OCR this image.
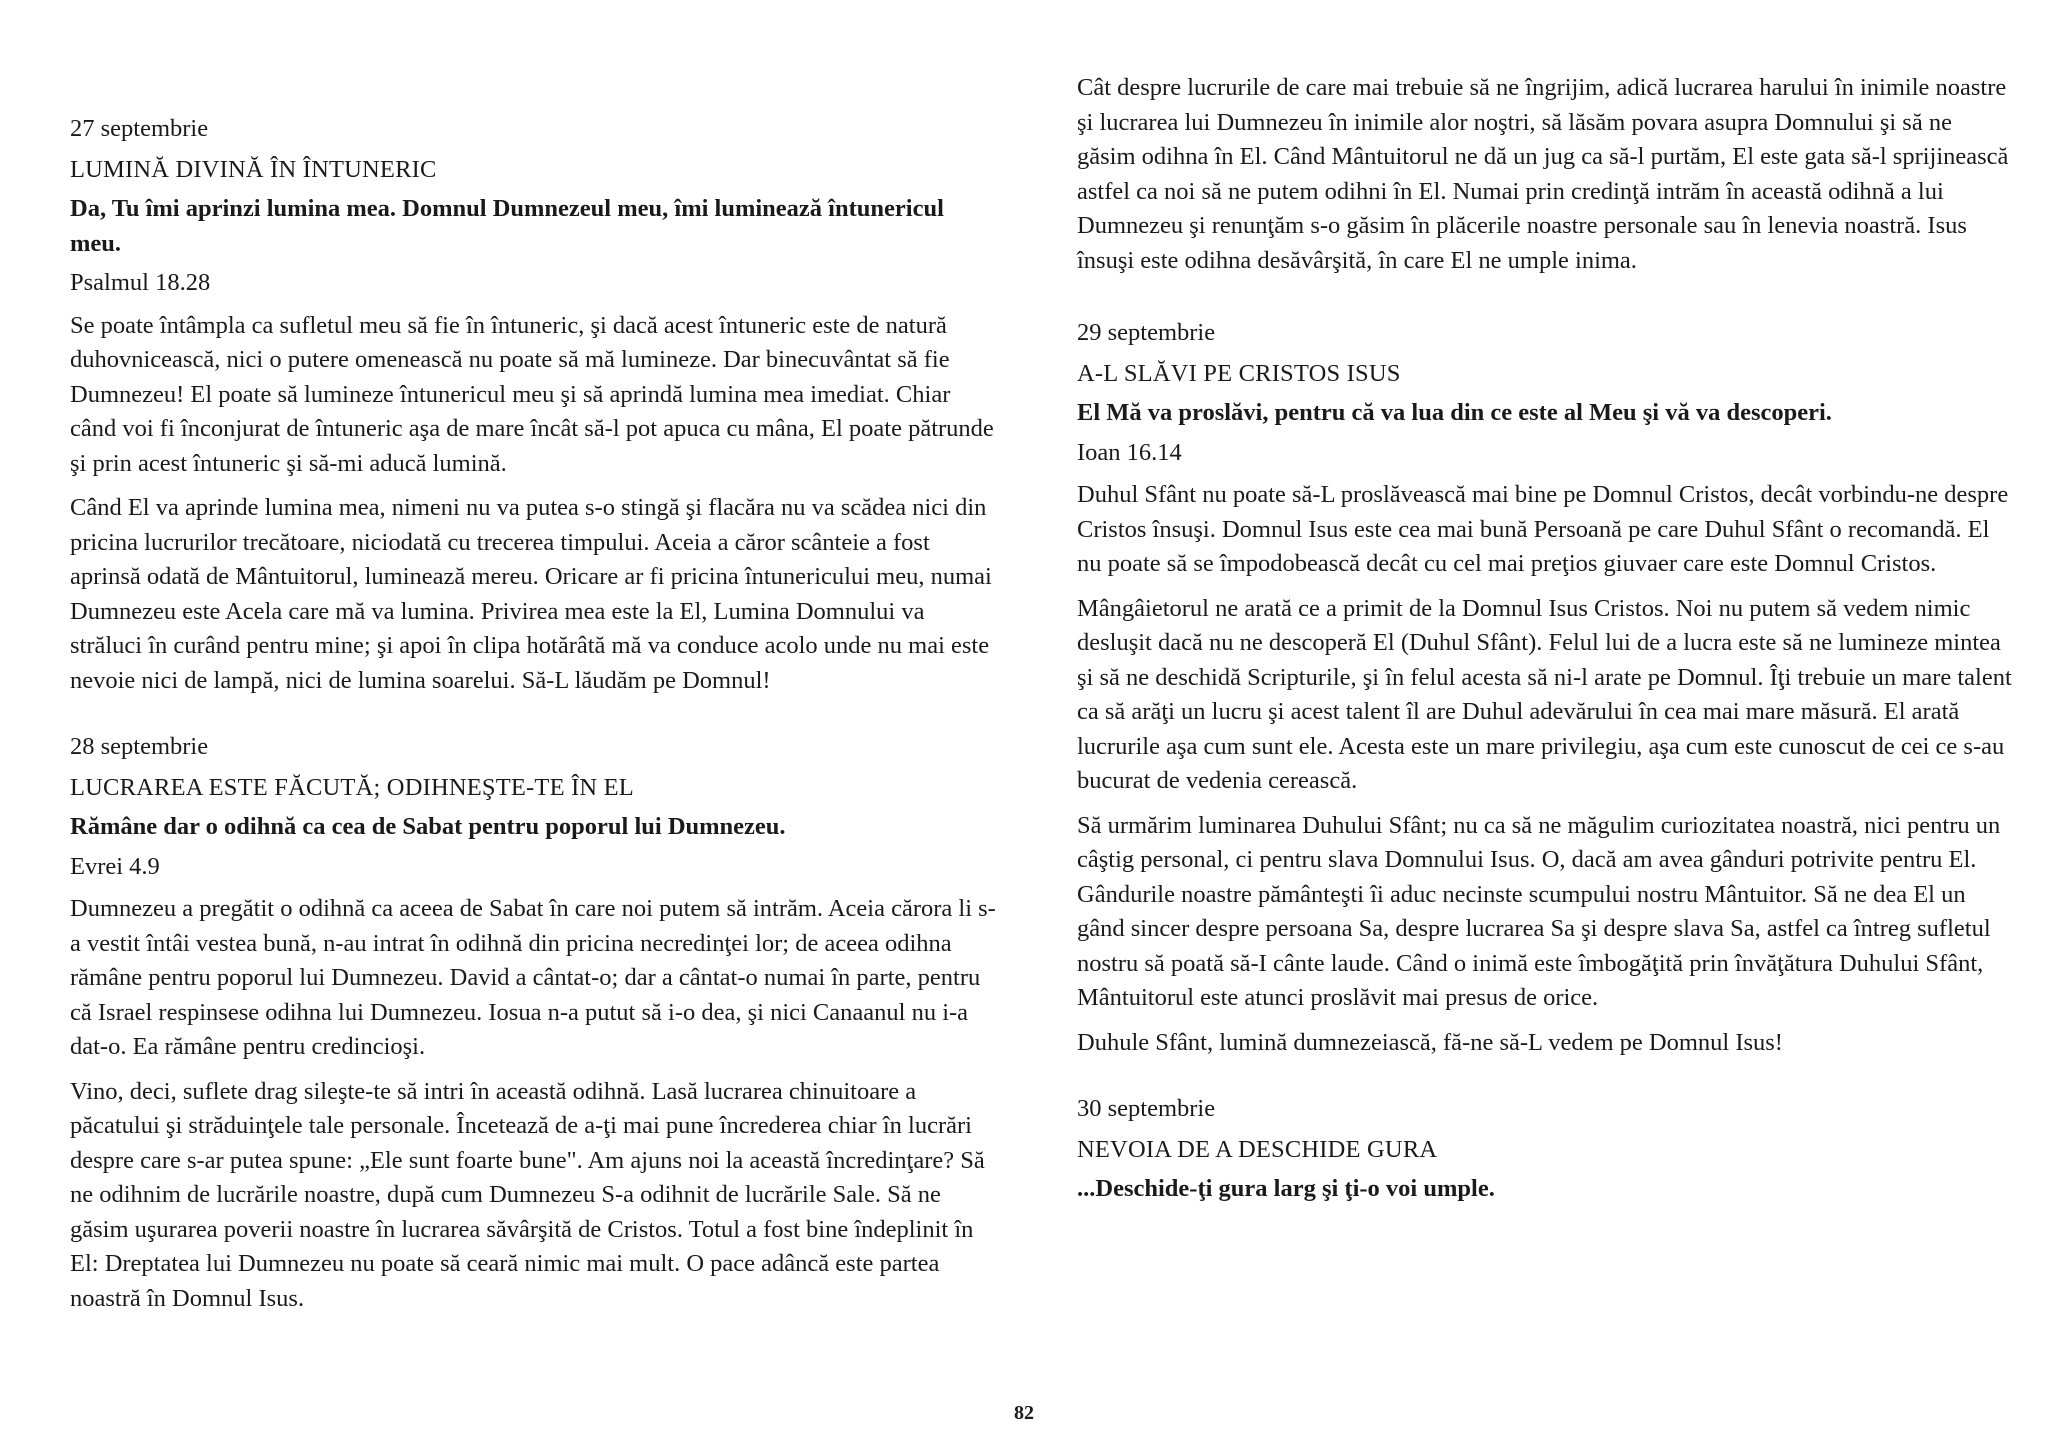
27 septembrie
LUMINĂ DIVINĂ ÎN ÎNTUNERIC
Da, Tu îmi aprinzi lumina mea. Domnul Dumnezeul meu, îmi luminează întunericul meu.
Psalmul 18.28

Se poate întâmpla ca sufletul meu să fie în întuneric, şi dacă acest întuneric este de natură duhovnicească, nici o putere omenească nu poate să mă lumineze. Dar binecuvântat să fie Dumnezeu! El poate să lumineze întunericul meu şi să aprindă lumina mea imediat. Chiar când voi fi înconjurat de întuneric aşa de mare încât să-l pot apuca cu mâna, El poate pătrunde şi prin acest întuneric şi să-mi aducă lumină.

Când El va aprinde lumina mea, nimeni nu va putea s-o stingă şi flacăra nu va scădea nici din pricina lucrurilor trecătoare, niciodată cu trecerea timpului. Aceia a căror scânteie a fost aprinsă odată de Mântuitorul, luminează mereu. Oricare ar fi pricina întunericului meu, numai Dumnezeu este Acela care mă va lumina. Privirea mea este la El, Lumina Domnului va străluci în curând pentru mine; şi apoi în clipa hotărâtă mă va conduce acolo unde nu mai este nevoie nici de lampă, nici de lumina soarelui. Să-L lăudăm pe Domnul!

28 septembrie
LUCRAREA ESTE FĂCUTĂ; ODIHNEŞTE-TE ÎN EL
Rămâne dar o odihnă ca cea de Sabat pentru poporul lui Dumnezeu.
Evrei 4.9

Dumnezeu a pregătit o odihnă ca aceea de Sabat în care noi putem să intrăm. Aceia cărora li s-a vestit întâi vestea bună, n-au intrat în odihnă din pricina necredinţei lor; de aceea odihna rămâne pentru poporul lui Dumnezeu. David a cântat-o; dar a cântat-o numai în parte, pentru că Israel respinsese odihna lui Dumnezeu. Iosua n-a putut să i-o dea, şi nici Canaanul nu i-a dat-o. Ea rămâne pentru credincioşi.

Vino, deci, suflete drag sileşte-te să intri în această odihnă. Lasă lucrarea chinuitoare a păcatului şi străduinţele tale personale. Încetează de a-ţi mai pune încrederea chiar în lucrări despre care s-ar putea spune: „Ele sunt foarte bune". Am ajuns noi la această încredinţare? Să ne odihnim de lucrările noastre, după cum Dumnezeu S-a odihnit de lucrările Sale. Să ne găsim uşurarea poverii noastre în lucrarea săvârşită de Cristos. Totul a fost bine îndeplinit în El: Dreptatea lui Dumnezeu nu poate să ceară nimic mai mult. O pace adâncă este partea noastră în Domnul Isus.

Cât despre lucrurile de care mai trebuie să ne îngrijim, adică lucrarea harului în inimile noastre şi lucrarea lui Dumnezeu în inimile alor noştri, să lăsăm povara asupra Domnului şi să ne găsim odihna în El. Când Mântuitorul ne dă un jug ca să-l purtăm, El este gata să-l sprijinească astfel ca noi să ne putem odihni în El. Numai prin credinţă intrăm în această odihnă a lui Dumnezeu şi renunţăm s-o găsim în plăcerile noastre personale sau în lenevia noastră. Isus însuşi este odihna desăvârşită, în care El ne umple inima.

29 septembrie
A-L SLĂVI PE CRISTOS ISUS
El Mă va proslăvi, pentru că va lua din ce este al Meu şi vă va descoperi.
Ioan 16.14

Duhul Sfânt nu poate să-L proslăvească mai bine pe Domnul Cristos, decât vorbindu-ne despre Cristos însuşi. Domnul Isus este cea mai bună Persoană pe care Duhul Sfânt o recomandă. El nu poate să se împodobească decât cu cel mai preţios giuvaer care este Domnul Cristos.

Mângâietorul ne arată ce a primit de la Domnul Isus Cristos. Noi nu putem să vedem nimic desluşit dacă nu ne descoperă El (Duhul Sfânt). Felul lui de a lucra este să ne lumineze mintea şi să ne deschidă Scripturile, şi în felul acesta să ni-l arate pe Domnul. Îţi trebuie un mare talent ca să arăţi un lucru şi acest talent îl are Duhul adevărului în cea mai mare măsură. El arată lucrurile aşa cum sunt ele. Acesta este un mare privilegiu, aşa cum este cunoscut de cei ce s-au bucurat de vedenia cerească.

Să urmărim luminarea Duhului Sfânt; nu ca să ne măgulim curiozitatea noastră, nici pentru un câştig personal, ci pentru slava Domnului Isus. O, dacă am avea gânduri potrivite pentru El. Gândurile noastre pământeşti îi aduc necinste scumpului nostru Mântuitor. Să ne dea El un gând sincer despre persoana Sa, despre lucrarea Sa şi despre slava Sa, astfel ca întreg sufletul nostru să poată să-I cânte laude. Când o inimă este îmbogăţită prin învăţătura Duhului Sfânt, Mântuitorul este atunci proslăvit mai presus de orice.

Duhule Sfânt, lumină dumnezeiască, fă-ne să-L vedem pe Domnul Isus!

30 septembrie
NEVOIA DE A DESCHIDE GURA
...Deschide-ţi gura larg şi ţi-o voi umple.
82
